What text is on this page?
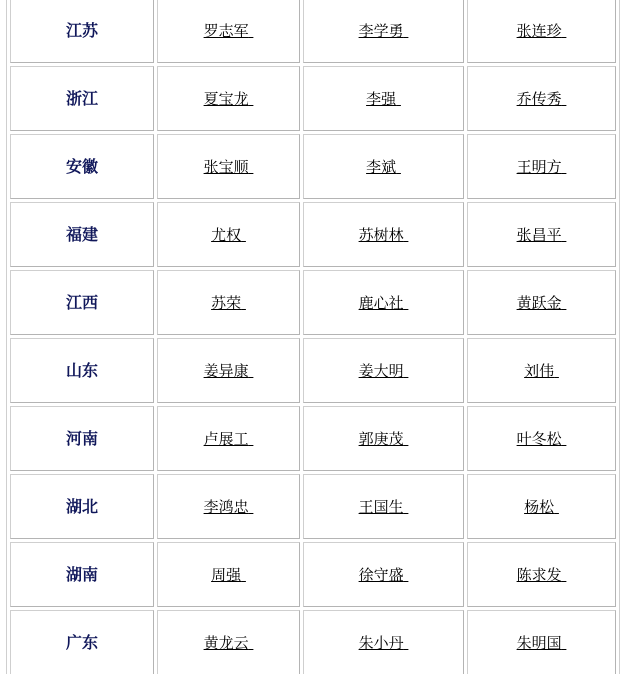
江苏	罗志军	李学勇	张连珍
浙江	夏宝龙	李强	乔传秀
安徽	张宝顺	李斌	王明方
福建	尤权	苏树林	张昌平
江西	苏荣	鹿心社	黄跃金
山东	姜异康	姜大明	刘伟
河南	卢展工	郭庚茂	叶冬松
湖北	李鸿忠	王国生	杨松
湖南	周强	徐守盛	陈求发
广东	黄龙云	朱小丹	朱明国
